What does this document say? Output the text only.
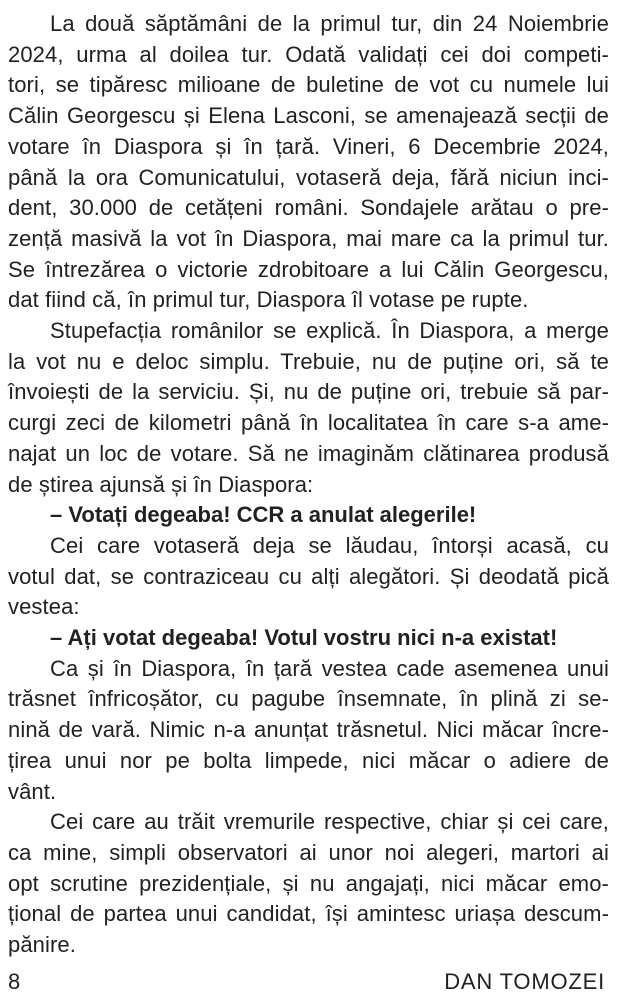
La două săptămâni de la primul tur, din 24 Noiembrie
2024, urma al doilea tur. Odată validați cei doi competi-
tori, se tipăresc milioane de buletine de vot cu numele lui
Călin Georgescu și Elena Lasconi, se amenajează secții de
votare în Diaspora și în țară. Vineri, 6 Decembrie 2024,
până la ora Comunicatului, votaseră deja, fără niciun inci-
dent, 30.000 de cetățeni români. Sondajele arătau o pre-
zență masivă la vot în Diaspora, mai mare ca la primul tur.
Se întrezărea o victorie zdrobitoare a lui Călin Georgescu,
dat fiind că, în primul tur, Diaspora îl votase pe rupte.
Stupefacția românilor se explică. În Diaspora, a merge
la vot nu e deloc simplu. Trebuie, nu de puține ori, să te
învoiești de la serviciu. Și, nu de puține ori, trebuie să par-
curgi zeci de kilometri până în localitatea în care s-a ame-
najat un loc de votare. Să ne imaginăm clătinarea produsă
de știrea ajunsă și în Diaspora:
– Votați degeaba! CCR a anulat alegerile!
Cei care votaseră deja se lăudau, întorși acasă, cu
votul dat, se contraziceau cu alți alegători. Și deodată pică
vestea:
– Ați votat degeaba! Votul vostru nici n-a existat!
Ca și în Diaspora, în țară vestea cade asemenea unui
trăsnet înfricoșător, cu pagube însemnate, în plină zi se-
nină de vară. Nimic n-a anunțat trăsnetul. Nici măcar încre-
țirea unui nor pe bolta limpede, nici măcar o adiere de
vânt.
Cei care au trăit vremurile respective, chiar și cei care,
ca mine, simpli observatori ai unor noi alegeri, martori ai
opt scrutine prezidențiale, și nu angajați, nici măcar emo-
țional de partea unui candidat, își amintesc uriașa descum-
pănire.
8	DAN TOMOZEI
